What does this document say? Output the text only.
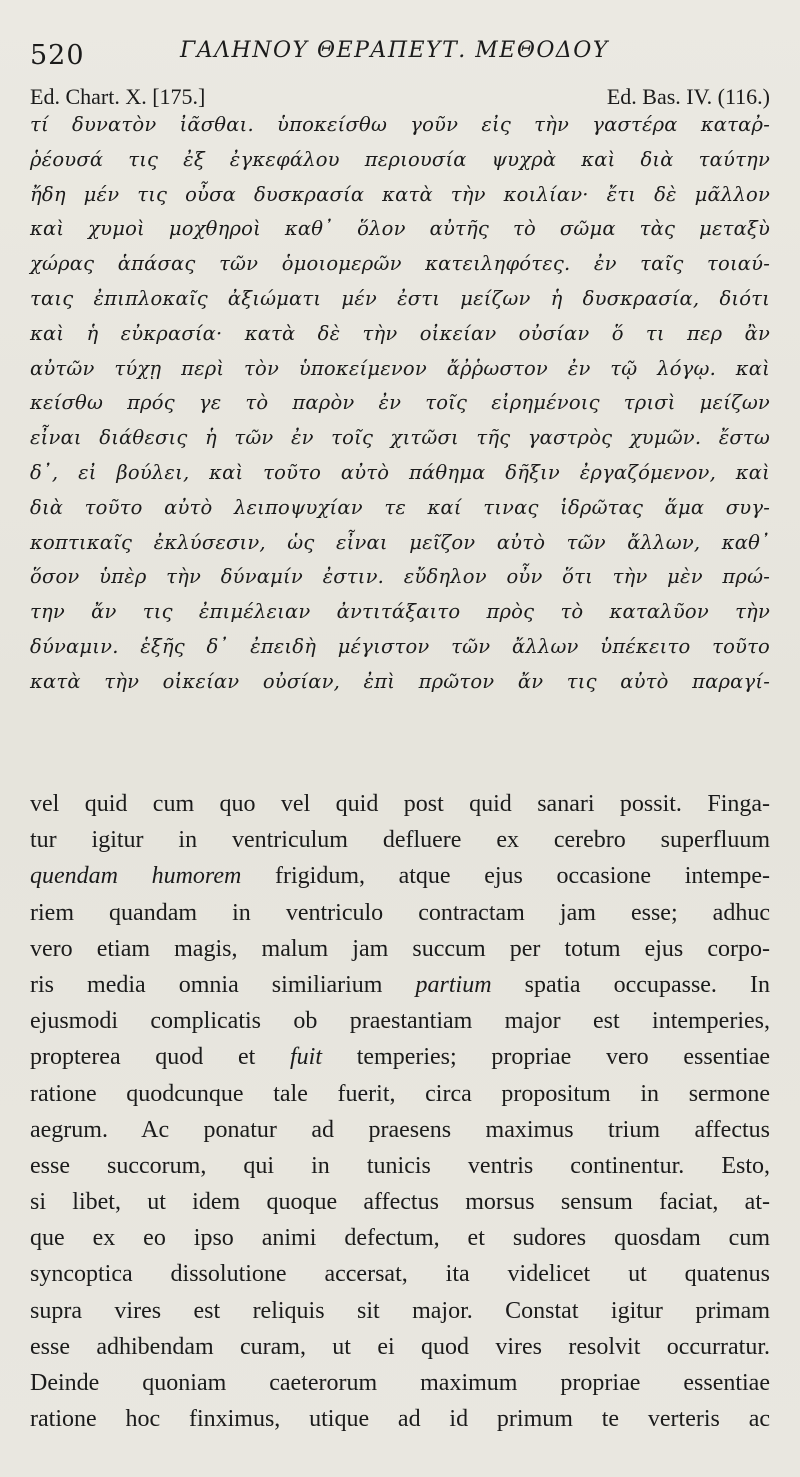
520	ΓΑΛΗΝΟΥ ΘΕΡΑΠΕΥΤ. ΜΕΘΟΔΟΥ
Ed. Chart. X. [175.]	Ed. Bas. IV. (116.)
τί δυνατὸν ἰᾶσθαι. ὑποκείσθω γοῦν εἰς τὴν γαστέρα καταῤ-
ῥέουσά τις ἐξ ἐγκεφάλου περιουσία ψυχρὰ καὶ διὰ ταύτην
ἤδη μέν τις οὖσα δυσκρασία κατὰ τὴν κοιλίαν· ἔτι δὲ μᾶλλον
καὶ χυμοὶ μοχθηροὶ καθ᾽ ὅλον αὐτῆς τὸ σῶμα τὰς μεταξὺ
χώρας ἁπάσας τῶν ὁμοιομερῶν κατειληφότες. ἐν ταῖς τοιαύ-
ταις ἐπιπλοκαῖς ἀξιώματι μέν ἐστι μείζων ἡ δυσκρασία, διότι
καὶ ἡ εὐκρασία· κατὰ δὲ τὴν οἰκείαν οὐσίαν ὅ τι περ ἂν
αὐτῶν τύχῃ περὶ τὸν ὑποκείμενον ἄῤῥωστον ἐν τῷ λόγῳ. καὶ
κείσθω πρός γε τὸ παρὸν ἐν τοῖς εἰρημένοις τρισὶ μείζων
εἶναι διάθεσις ἡ τῶν ἐν τοῖς χιτῶσι τῆς γαστρὸς χυμῶν. ἔστω
δ᾽, εἰ βούλει, καὶ τοῦτο αὐτὸ πάθημα δῆξιν ἐργαζόμενον, καὶ
διὰ τοῦτο αὐτὸ λειποψυχίαν τε καί τινας ἱδρῶτας ἅμα συγ-
κοπτικαῖς ἐκλύσεσιν, ὡς εἶναι μεῖζον αὐτὸ τῶν ἄλλων, καθ᾽
ὅσον ὑπὲρ τὴν δύναμίν ἐστιν. εὔδηλον οὖν ὅτι τὴν μὲν πρώ-
την ἄν τις ἐπιμέλειαν ἀντιτάξαιτο πρὸς τὸ καταλῦον τὴν
δύναμιν. ἑξῆς δ᾽ ἐπειδὴ μέγιστον τῶν ἄλλων ὑπέκειτο τοῦτο
κατὰ τὴν οἰκείαν οὐσίαν, ἐπὶ πρῶτον ἄν τις αὐτὸ παραγί-
vel quid cum quo vel quid post quid sanari possit. Finga-
tur igitur in ventriculum defluere ex cerebro superfluum
quendam humorem frigidum, atque ejus occasione intempe-
riem quandam in ventriculo contractam jam esse; adhuc
vero etiam magis, malum jam succum per totum ejus corpo-
ris media omnia similiarium partium spatia occupasse. In
ejusmodi complicatis ob praestantiam major est intemperies,
propterea quod et fuit temperies; propriae vero essentiae
ratione quodcunque tale fuerit, circa propositum in sermone
aegrum. Ac ponatur ad praesens maximus trium affectus
esse succorum, qui in tunicis ventris continentur. Esto,
si libet, ut idem quoque affectus morsus sensum faciat, at-
que ex eo ipso animi defectum, et sudores quosdam cum
syncoptica dissolutione accersat, ita videlicet ut quatenus
supra vires est reliquis sit major. Constat igitur primam
esse adhibendam curam, ut ei quod vires resolvit occurratur.
Deinde quoniam caeterorum maximum propriae essentiae
ratione hoc finximus, utique ad id primum te verteris ac
